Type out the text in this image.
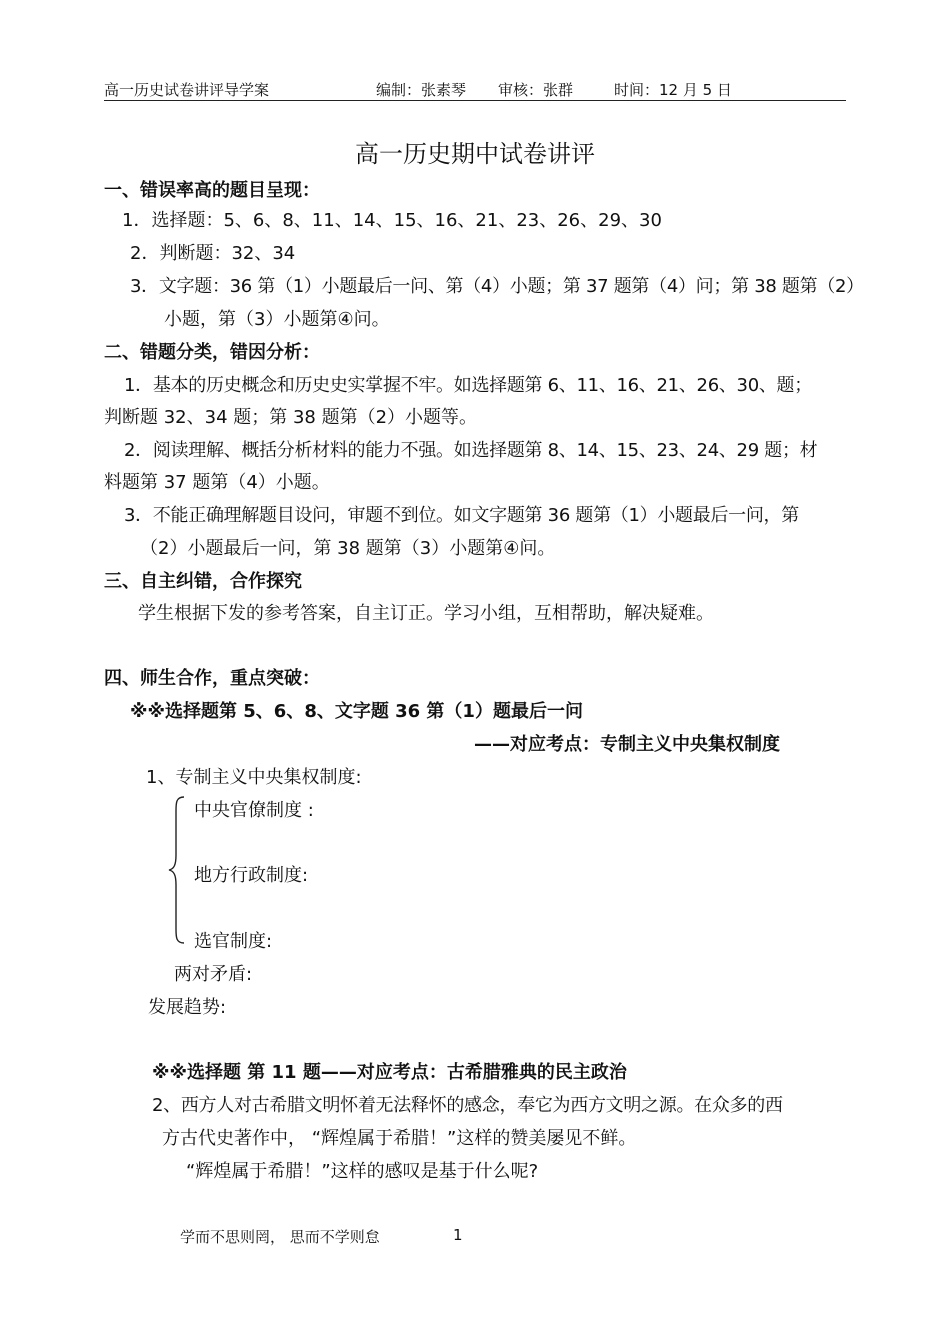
高一历史试卷讲评导学案	编制：张素琴 审核：张群	时间：12 月 5 日
高一历史期中试卷讲评
一、错误率高的题目呈现：
1．选择题：5、6、8、11、14、15、16、21、23、26、29、30
2．判断题：32、34
3．文字题：36 第（1）小题最后一问、第（4）小题；第 37 题第（4）问；第 38 题第（2）
小题，第（3）小题第④问。
二、错题分类，错因分析：
1．基本的历史概念和历史史实掌握不牢。如选择题第 6、11、16、21、26、30、题；
判断题 32、34 题；第 38 题第（2）小题等。
2．阅读理解、概括分析材料的能力不强。如选择题第 8、14、15、23、24、29 题；材
料题第 37 题第（4）小题。
3．不能正确理解题目设问，审题不到位。如文字题第 36 题第（1）小题最后一问，第
（2）小题最后一问，第 38 题第（3）小题第④问。
三、自主纠错，合作探究
学生根据下发的参考答案，自主订正。学习小组，互相帮助，解决疑难。
四、师生合作，重点突破：
※※选择题第 5、6、8、文字题 36 第（1）题最后一问
——对应考点：专制主义中央集权制度
1、专制主义中央集权制度:
中央官僚制度 :
地方行政制度:
选官制度:
两对矛盾:
发展趋势:
※※选择题 第 11 题——对应考点：古希腊雅典的民主政治
2、西方人对古希腊文明怀着无法释怀的感念，奉它为西方文明之源。在众多的西
方古代史著作中， “辉煌属于希腊！”这样的赞美屡见不鲜。
“辉煌属于希腊！”这样的感叹是基于什么呢?
学而不思则罔， 思而不学则怠	1
